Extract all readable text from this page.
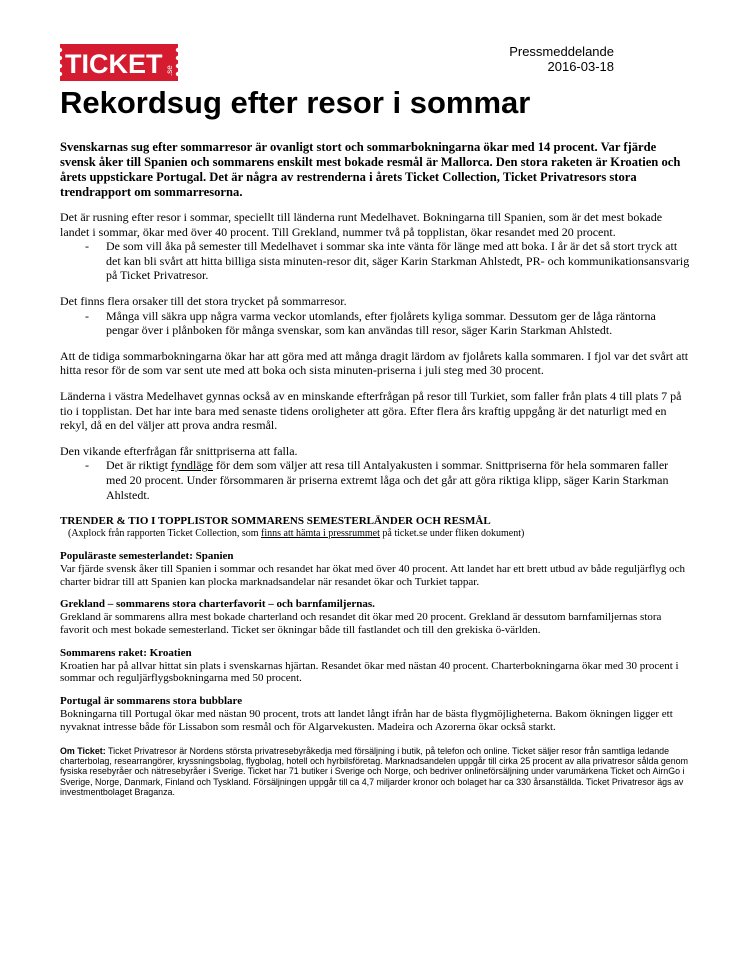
TICKET .se
Pressmeddelande
2016-03-18
Rekordsug efter resor i sommar

Svenskarnas sug efter sommarresor är ovanligt stort och sommarbokningarna ökar med 14 procent. Var fjärde svensk åker till Spanien och sommarens enskilt mest bokade resmål är Mallorca. Den stora raketen är Kroatien och årets uppstickare Portugal. Det är några av restrenderna i årets Ticket Collection, Ticket Privatresors stora trendrapport om sommarresorna.

Det är rusning efter resor i sommar, speciellt till länderna runt Medelhavet. Bokningarna till Spanien, som är det mest bokade landet i sommar, ökar med över 40 procent. Till Grekland, nummer två på topplistan, ökar resandet med 20 procent.

- De som vill åka på semester till Medelhavet i sommar ska inte vänta för länge med att boka. I år är det så stort tryck att det kan bli svårt att hitta billiga sista minuten-resor dit, säger Karin Starkman Ahlstedt, PR- och kommunikationsansvarig på Ticket Privatresor.

Det finns flera orsaker till det stora trycket på sommarresor.

- Många vill säkra upp några varma veckor utomlands, efter fjolårets kyliga sommar. Dessutom ger de låga räntorna pengar över i plånboken för många svenskar, som kan användas till resor, säger Karin Starkman Ahlstedt.

Att de tidiga sommarbokningarna ökar har att göra med att många dragit lärdom av fjolårets kalla sommaren. I fjol var det svårt att hitta resor för de som var sent ute med att boka och sista minuten-priserna i juli steg med 30 procent.

Länderna i västra Medelhavet gynnas också av en minskande efterfrågan på resor till Turkiet, som faller från plats 4 till plats 7 på tio i topplistan. Det har inte bara med senaste tidens oroligheter att göra. Efter flera års kraftig uppgång är det naturligt med en rekyl, då en del väljer att prova andra resmål.

Den vikande efterfrågan får snittpriserna att falla.

- Det är riktigt fyndläge för dem som väljer att resa till Antalyakusten i sommar. Snittpriserna för hela sommaren faller med 20 procent. Under försommaren är priserna extremt låga och det går att göra riktiga klipp, säger Karin Starkman Ahlstedt.
TRENDER & TIO I TOPPLISTOR SOMMARENS SEMESTERLÄNDER OCH RESMÅL
(Axplock från rapporten Ticket Collection, som finns att hämta i pressrummet på ticket.se under fliken dokument)
Populäraste semesterlandet: Spanien
Var fjärde svensk åker till Spanien i sommar och resandet har ökat med över 40 procent. Att landet har ett brett utbud av både reguljärflyg och charter bidrar till att Spanien kan plocka marknadsandelar när resandet ökar och Turkiet tappar.
Grekland – sommarens stora charterfavorit – och barnfamiljernas.
Grekland är sommarens allra mest bokade charterland och resandet dit ökar med 20 procent. Grekland är dessutom barnfamiljernas stora favorit och mest bokade semesterland. Ticket ser ökningar både till fastlandet och till den grekiska ö-världen.
Sommarens raket: Kroatien
Kroatien har på allvar hittat sin plats i svenskarnas hjärtan. Resandet ökar med nästan 40 procent. Charterbokningarna ökar med 30 procent i sommar och reguljärflygsbokningarna med 50 procent.
Portugal är sommarens stora bubblare
Bokningarna till Portugal ökar med nästan 90 procent, trots att landet långt ifrån har de bästa flygmöjligheterna. Bakom ökningen ligger ett nyvaknat intresse både för Lissabon som resmål och för Algarvekusten. Madeira och Azorerna ökar också starkt.

Om Ticket: Ticket Privatresor är Nordens största privatresebyråkedja med försäljning i butik, på telefon och online. Ticket säljer resor från samtliga ledande charterbolag, researrangörer, kryssningsbolag, flygbolag, hotell och hyrbilsföretag. Marknadsandelen uppgår till cirka 25 procent av alla privatresor sålda genom fysiska resebyråer och nätresebyråer i Sverige. Ticket har 71 butiker i Sverige och Norge, och bedriver onlineförsäljning under varumärkena Ticket och AirnGo i Sverige, Norge, Danmark, Finland och Tyskland. Försäljningen uppgår till ca 4,7 miljarder kronor och bolaget har ca 330 årsanställda. Ticket Privatresor ägs av investmentbolaget Braganza.
